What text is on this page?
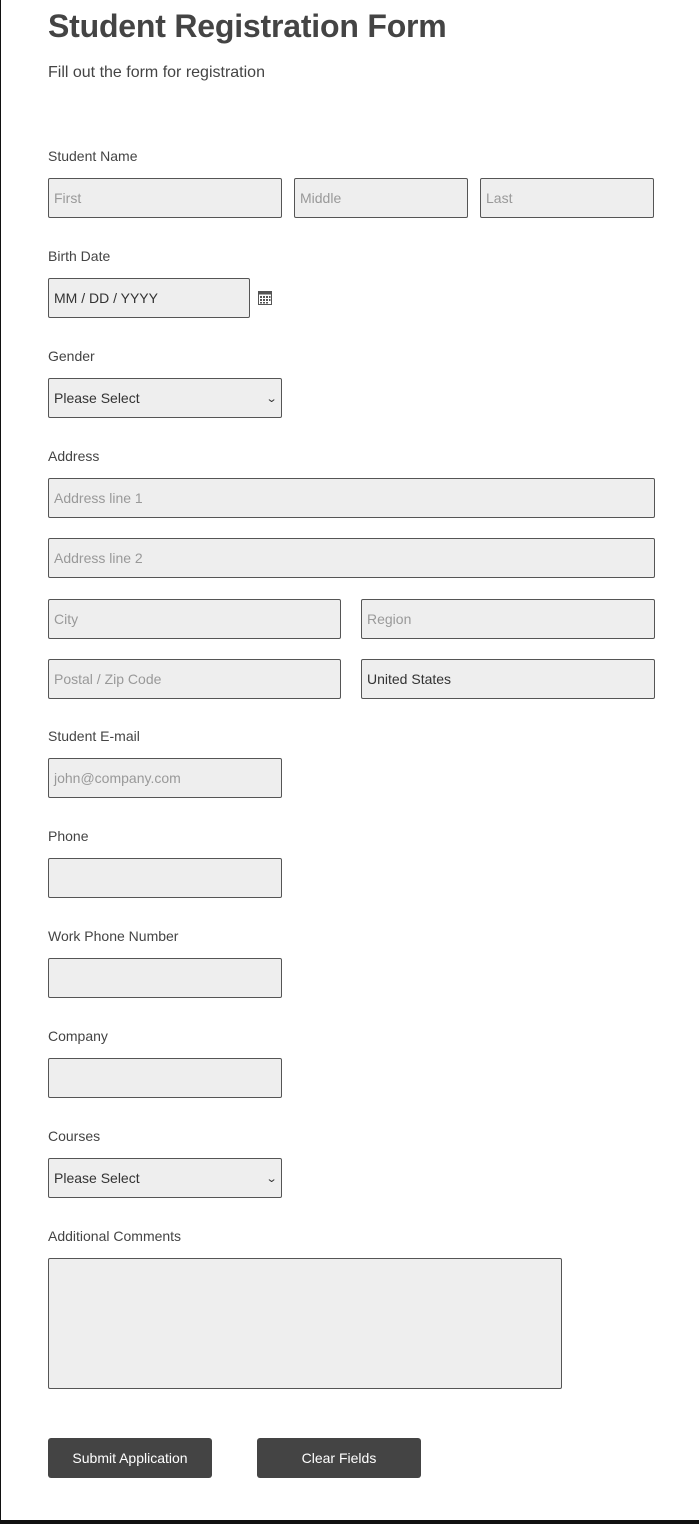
Student Registration Form
Fill out the form for registration
Student Name
First	Middle	Last
Birth Date
MM / DD / YYYY
Gender
Please Select	⌄
Address
Address line 1
Address line 2
City	Region
Postal / Zip Code	United States
Student E-mail
john@company.com
Phone
Work Phone Number
Company
Courses
Please Select	⌄
Additional Comments
Submit Application	Clear Fields
